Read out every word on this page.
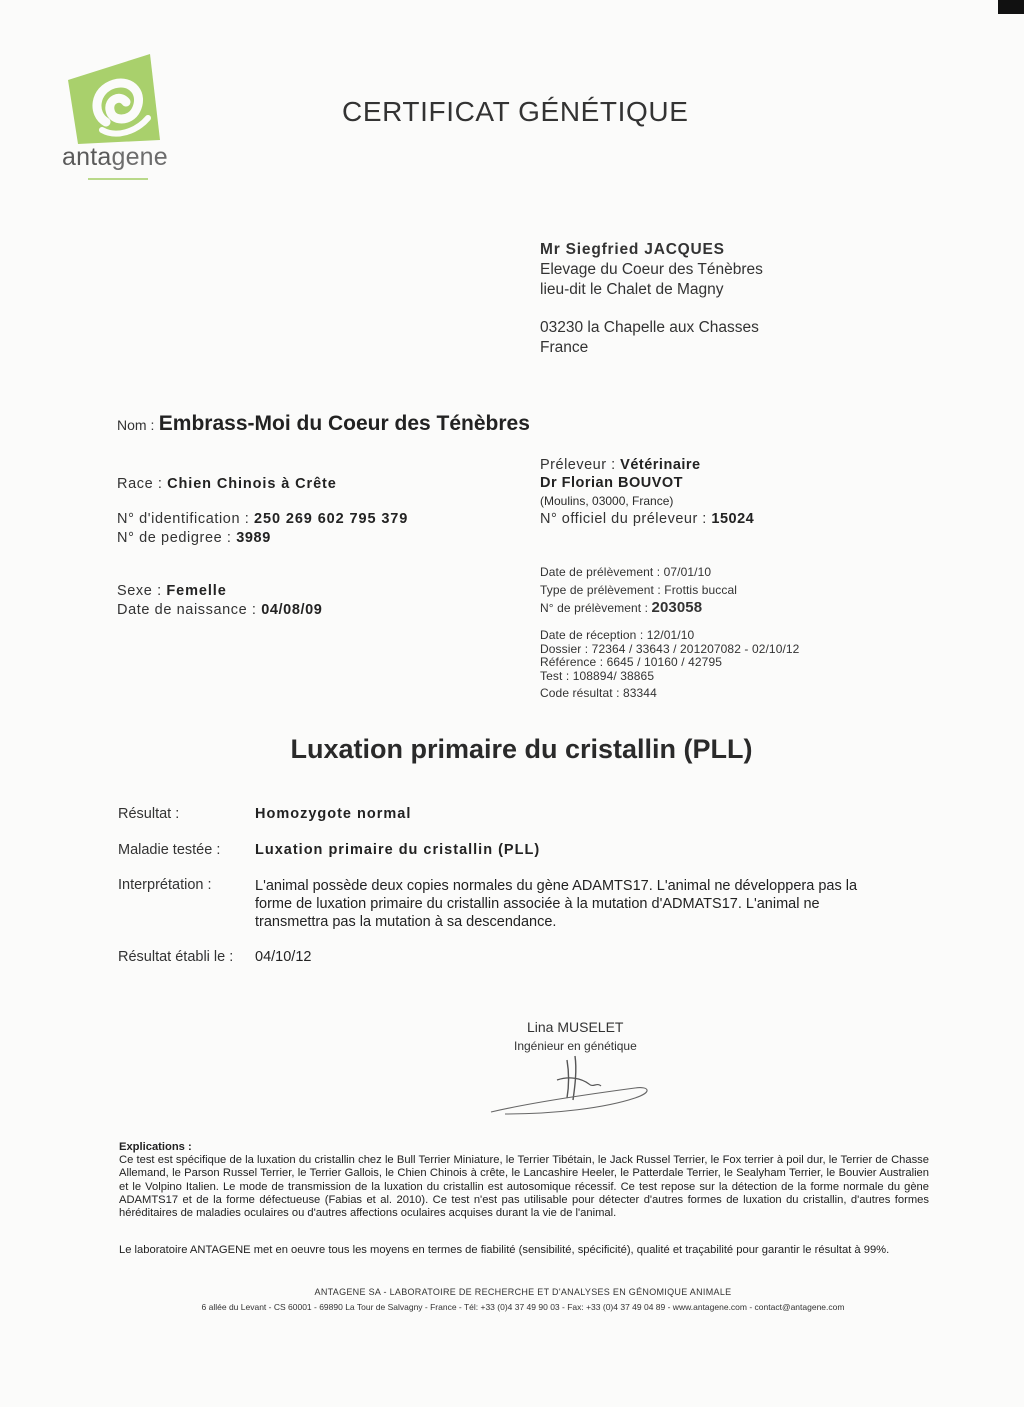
antagene
CERTIFICAT GÉNÉTIQUE
Mr Siegfried JACQUES
Elevage du Coeur des Ténèbres
lieu-dit le Chalet de Magny
03230 la Chapelle aux Chasses
France
Nom : Embrass-Moi du Coeur des Ténèbres
Race : Chien Chinois à Crête
N° d'identification : 250 269 602 795 379
N° de pedigree : 3989
Sexe : Femelle
Date de naissance : 04/08/09
Préleveur : Vétérinaire
Dr Florian BOUVOT
(Moulins, 03000, France)
N° officiel du préleveur : 15024
Date de prélèvement : 07/01/10
Type de prélèvement : Frottis buccal
N° de prélèvement : 203058
Date de réception : 12/01/10
Dossier : 72364 / 33643 / 201207082 - 02/10/12
Référence : 6645 / 10160 / 42795
Test : 108894/ 38865
Code résultat : 83344
Luxation primaire du cristallin (PLL)
Résultat :	Homozygote normal
Maladie testée : Luxation primaire du cristallin (PLL)
Interprétation :	L'animal possède deux copies normales du gène ADAMTS17. L'animal ne développera pas la forme de luxation primaire du cristallin associée à la mutation d'ADMATS17. L'animal ne transmettra pas la mutation à sa descendance.
Résultat établi le : 04/10/12
Lina MUSELET
Ingénieur en génétique
Explications :
Ce test est spécifique de la luxation du cristallin chez le Bull Terrier Miniature, le Terrier Tibétain, le Jack Russel Terrier, le Fox terrier à poil dur, le Terrier de Chasse Allemand, le Parson Russel Terrier, le Terrier Gallois, le Chien Chinois à crête, le Lancashire Heeler, le Patterdale Terrier, le Sealyham Terrier, le Bouvier Australien et le Volpino Italien. Le mode de transmission de la luxation du cristallin est autosomique récessif. Ce test repose sur la détection de la forme normale du gène ADAMTS17 et de la forme défectueuse (Fabias et al. 2010). Ce test n'est pas utilisable pour détecter d'autres formes de luxation du cristallin, d'autres formes héréditaires de maladies oculaires ou d'autres affections oculaires acquises durant la vie de l'animal.
Le laboratoire ANTAGENE met en oeuvre tous les moyens en termes de fiabilité (sensibilité, spécificité), qualité et traçabilité pour garantir le résultat à 99%.
ANTAGENE SA - LABORATOIRE DE RECHERCHE ET D'ANALYSES EN GÉNOMIQUE ANIMALE
6 allée du Levant - CS 60001 - 69890 La Tour de Salvagny - France - Tél: +33 (0)4 37 49 90 03 - Fax: +33 (0)4 37 49 04 89 - www.antagene.com - contact@antagene.com
